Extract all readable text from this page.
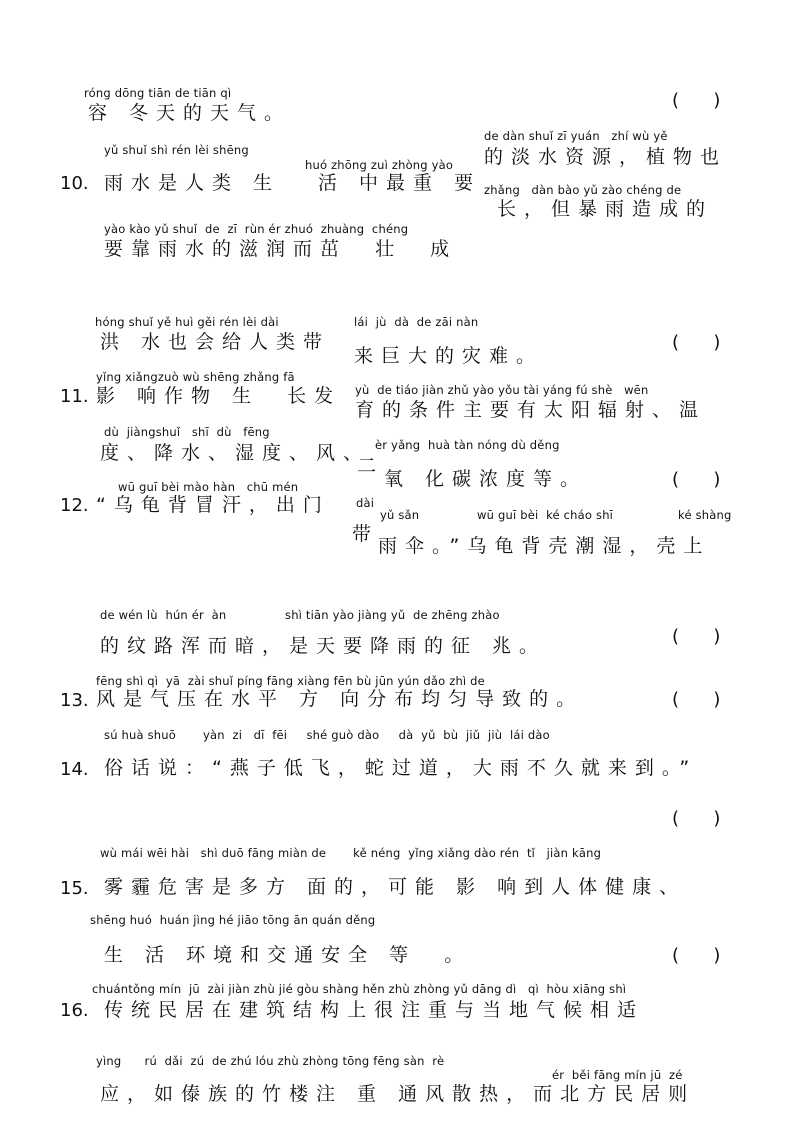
róng dōng tiān de tiān qì
容 冬天的天气。
(      )
de dàn shuǐ zī yuán   zhí wù yě
的淡水资源，植物也
yǔ shuǐ shì rén lèi shēng
huó zhōng zuì zhòng yào
10. 雨水是人类 生 活 中最重 要 zhǎng   dàn bào yǔ zào chéng de
长，但暴雨造成的
yào kào yǔ shuǐ  de  zī  rùn ér zhuó  zhuàng  chéng
要靠雨水的滋润而茁  壮  成
hóng shuǐ yě huì gěi rén lèi dài	lái  jù  dà  de zāi nàn
洪 水也会给人类带
来巨大的灾难。
(      )
yǐng xiǎngzuò wù shēng zhǎng fā
yù  de tiáo jiàn zhǔ yào yǒu tài yáng fú shè   wēn
11. 影 响作物 生  长发
育的条件主要有太阳辐射、温
dù  jiàngshuǐ   shī  dù   fēng
èr yǎng  huà tàn nóng dù děng
度、降水、湿度、风、
二
氧 化碳浓度等。	(      )
wū guī bèi mào hàn   chū mén
12. “乌龟背冒汗，出门 dài
yǔ sǎn	wū guī bèi  ké cháo shī	ké shàng
带
雨伞。”乌龟背壳潮湿，壳上
de wén lù  hún ér  àn	shì tiān yào jiàng yǔ  de zhēng zhào
的纹路浑而暗，是天要降雨的征 兆。	(      )
fēng shì qì  yā  zài shuǐ píng fāng xiàng fēn bù jūn yún dǎo zhì de
13. 风是气压在水平 方 向分布均匀导致的。	(      )
sú huà shuō       yàn  zi   dī  fēi     shé guò dào     dà  yǔ  bù  jiǔ  jiù  lái dào
14. 俗话说：“燕子低飞，蛇过道，大雨不久就来到。”
(      )
wù mái wēi hài   shì duō fāng miàn de       kě néng  yǐng xiǎng dào rén  tǐ   jiàn kāng
15. 雾霾危害是多方 面的，可能 影 响到人体健康、
shēng huó  huán jìng hé jiāo tōng ān quán děng
生 活 环境和交通安全 等  。	(      )
chuántǒng mín  jū  zài jiàn zhù jié gòu shàng hěn zhù zhòng yǔ dāng dì   qì  hòu xiāng shì
16. 传统民居在建筑结构上很注重与当地气候相适
yìng      rú  dǎi  zú  de zhú lóu zhù zhòng tōng fēng sàn  rè
ér  běi fāng mín jū  zé
应，如傣族的竹楼注 重 通风散热，而北方民居则
